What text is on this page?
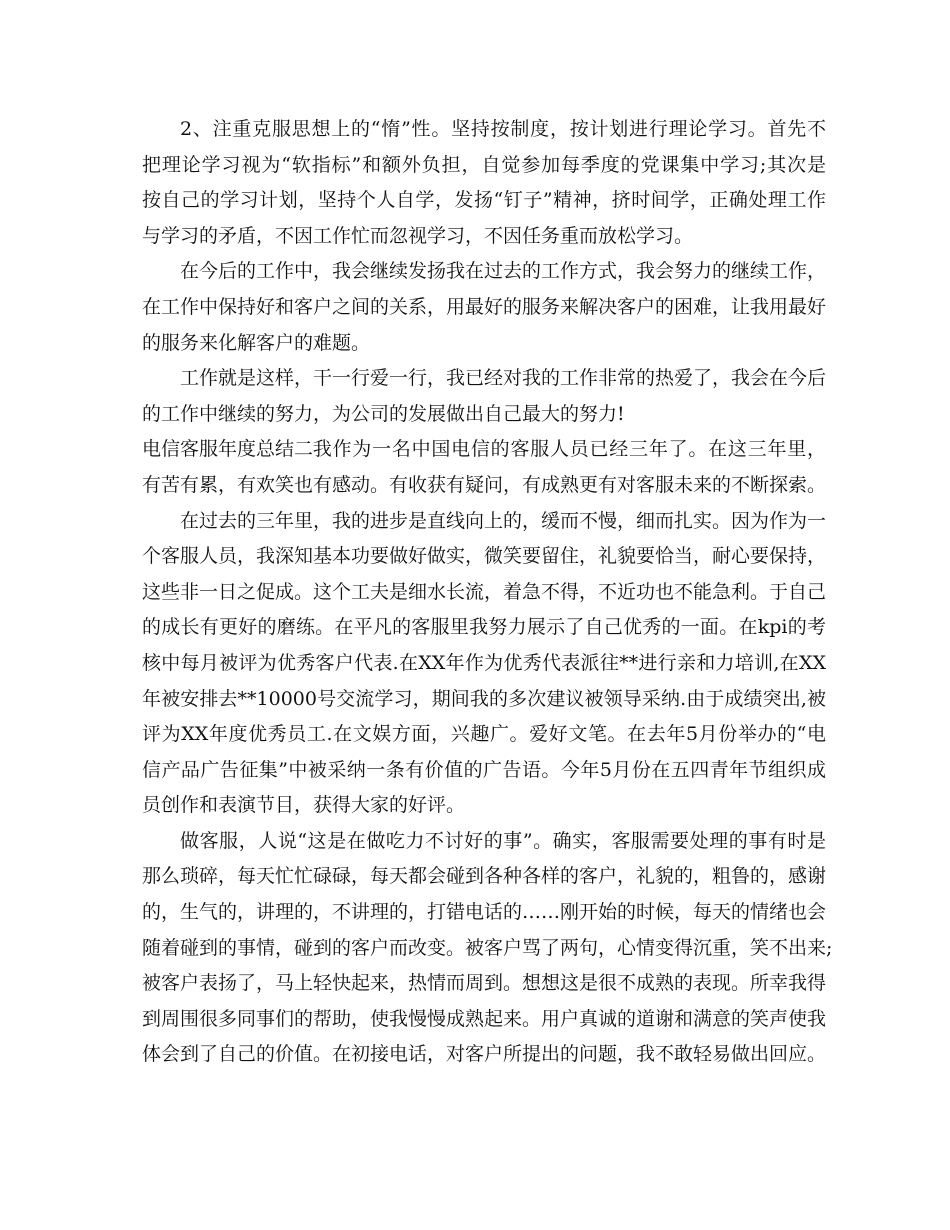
2、注重克服思想上的“惰”性。坚持按制度，按计划进行理论学习。首先不
把理论学习视为“软指标”和额外负担，自觉参加每季度的党课集中学习;其次是
按自己的学习计划，坚持个人自学，发扬“钉子”精神，挤时间学，正确处理工作
与学习的矛盾，不因工作忙而忽视学习，不因任务重而放松学习。
在今后的工作中，我会继续发扬我在过去的工作方式，我会努力的继续工作，
在工作中保持好和客户之间的关系，用最好的服务来解决客户的困难，让我用最好
的服务来化解客户的难题。
工作就是这样，干一行爱一行，我已经对我的工作非常的热爱了，我会在今后
的工作中继续的努力，为公司的发展做出自己最大的努力!
电信客服年度总结二我作为一名中国电信的客服人员已经三年了。在这三年里，
有苦有累，有欢笑也有感动。有收获有疑问，有成熟更有对客服未来的不断探索。
在过去的三年里，我的进步是直线向上的，缓而不慢，细而扎实。因为作为一
个客服人员，我深知基本功要做好做实，微笑要留住，礼貌要恰当，耐心要保持，
这些非一日之促成。这个工夫是细水长流，着急不得，不近功也不能急利。于自己
的成长有更好的磨练。在平凡的客服里我努力展示了自己优秀的一面。在kpi的考
核中每月被评为优秀客户代表.在XX年作为优秀代表派往**进行亲和力培训,在XX
年被安排去**10000号交流学习，期间我的多次建议被领导采纳.由于成绩突出,被
评为XX年度优秀员工.在文娱方面，兴趣广。爱好文笔。在去年5月份举办的“电
信产品广告征集”中被采纳一条有价值的广告语。今年5月份在五四青年节组织成
员创作和表演节目，获得大家的好评。
做客服，人说“这是在做吃力不讨好的事”。确实，客服需要处理的事有时是
那么琐碎，每天忙忙碌碌，每天都会碰到各种各样的客户，礼貌的，粗鲁的，感谢
的，生气的，讲理的，不讲理的，打错电话的……刚开始的时候，每天的情绪也会
随着碰到的事情，碰到的客户而改变。被客户骂了两句，心情变得沉重，笑不出来;
被客户表扬了，马上轻快起来，热情而周到。想想这是很不成熟的表现。所幸我得
到周围很多同事们的帮助，使我慢慢成熟起来。用户真诚的道谢和满意的笑声使我
体会到了自己的价值。在初接电话，对客户所提出的问题，我不敢轻易做出回应。
